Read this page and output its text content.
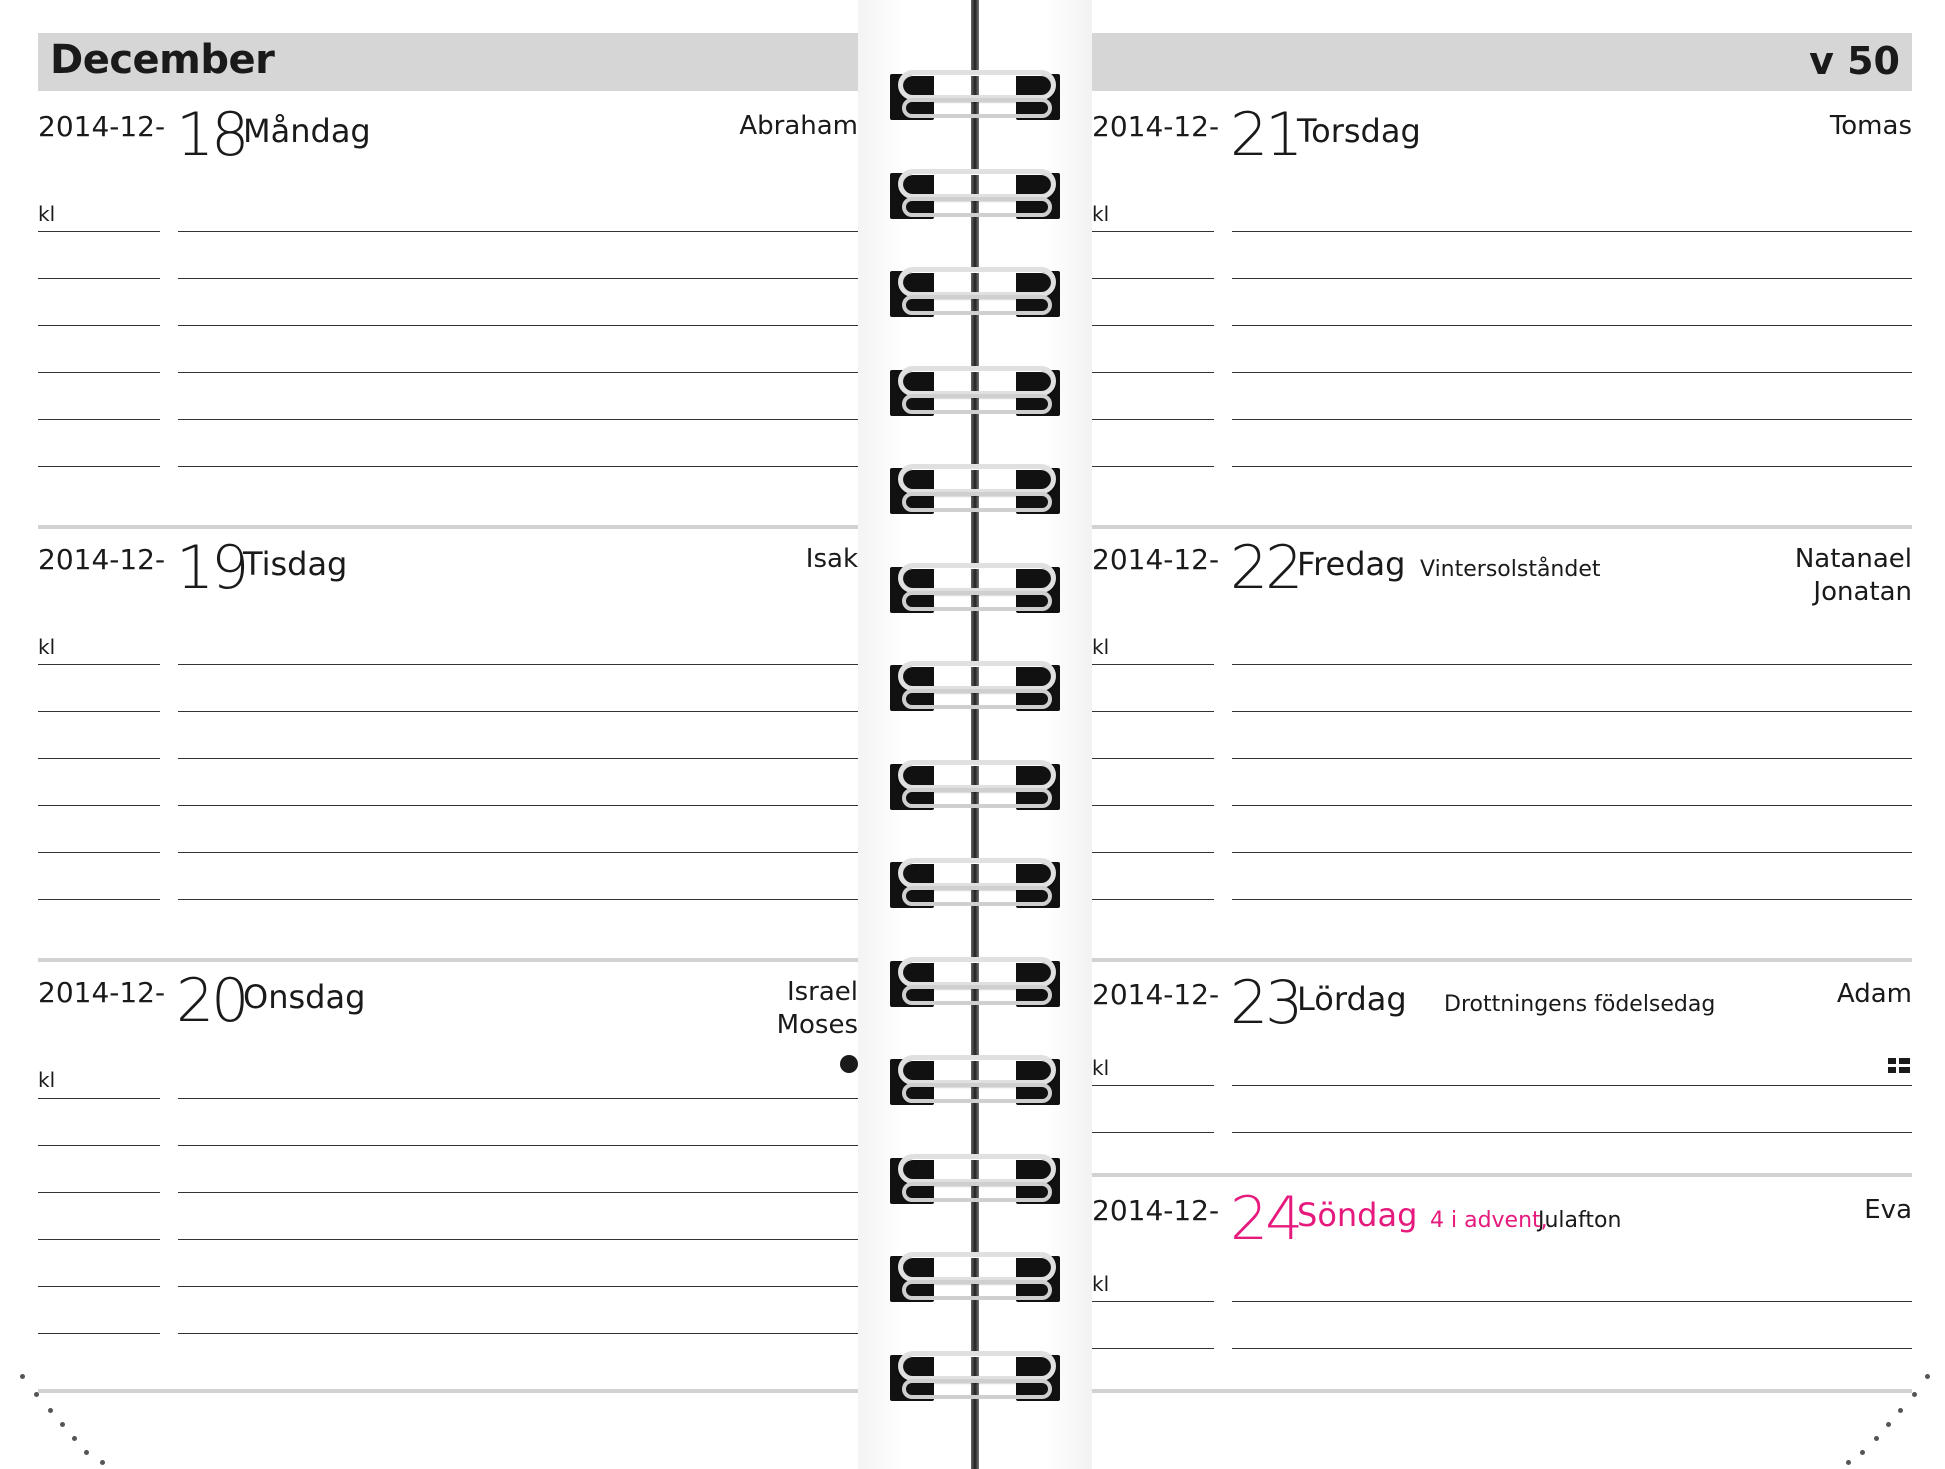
December
2014-12- 18
Måndag	Abraham
kl
2014-12- 19
Tisdag	Isak
kl
2014-12- 20
Onsdag	Israel
Moses
kl
v 50
2014-12- 21
Torsdag	Tomas
kl
2014-12- 22
Fredag Vintersolståndet	Natanael
Jonatan
kl
2014-12- 23
Lördag Drottningens födelsedag	Adam
kl
2014-12- 24
Söndag 4 i advent,
Julafton	Eva
kl
